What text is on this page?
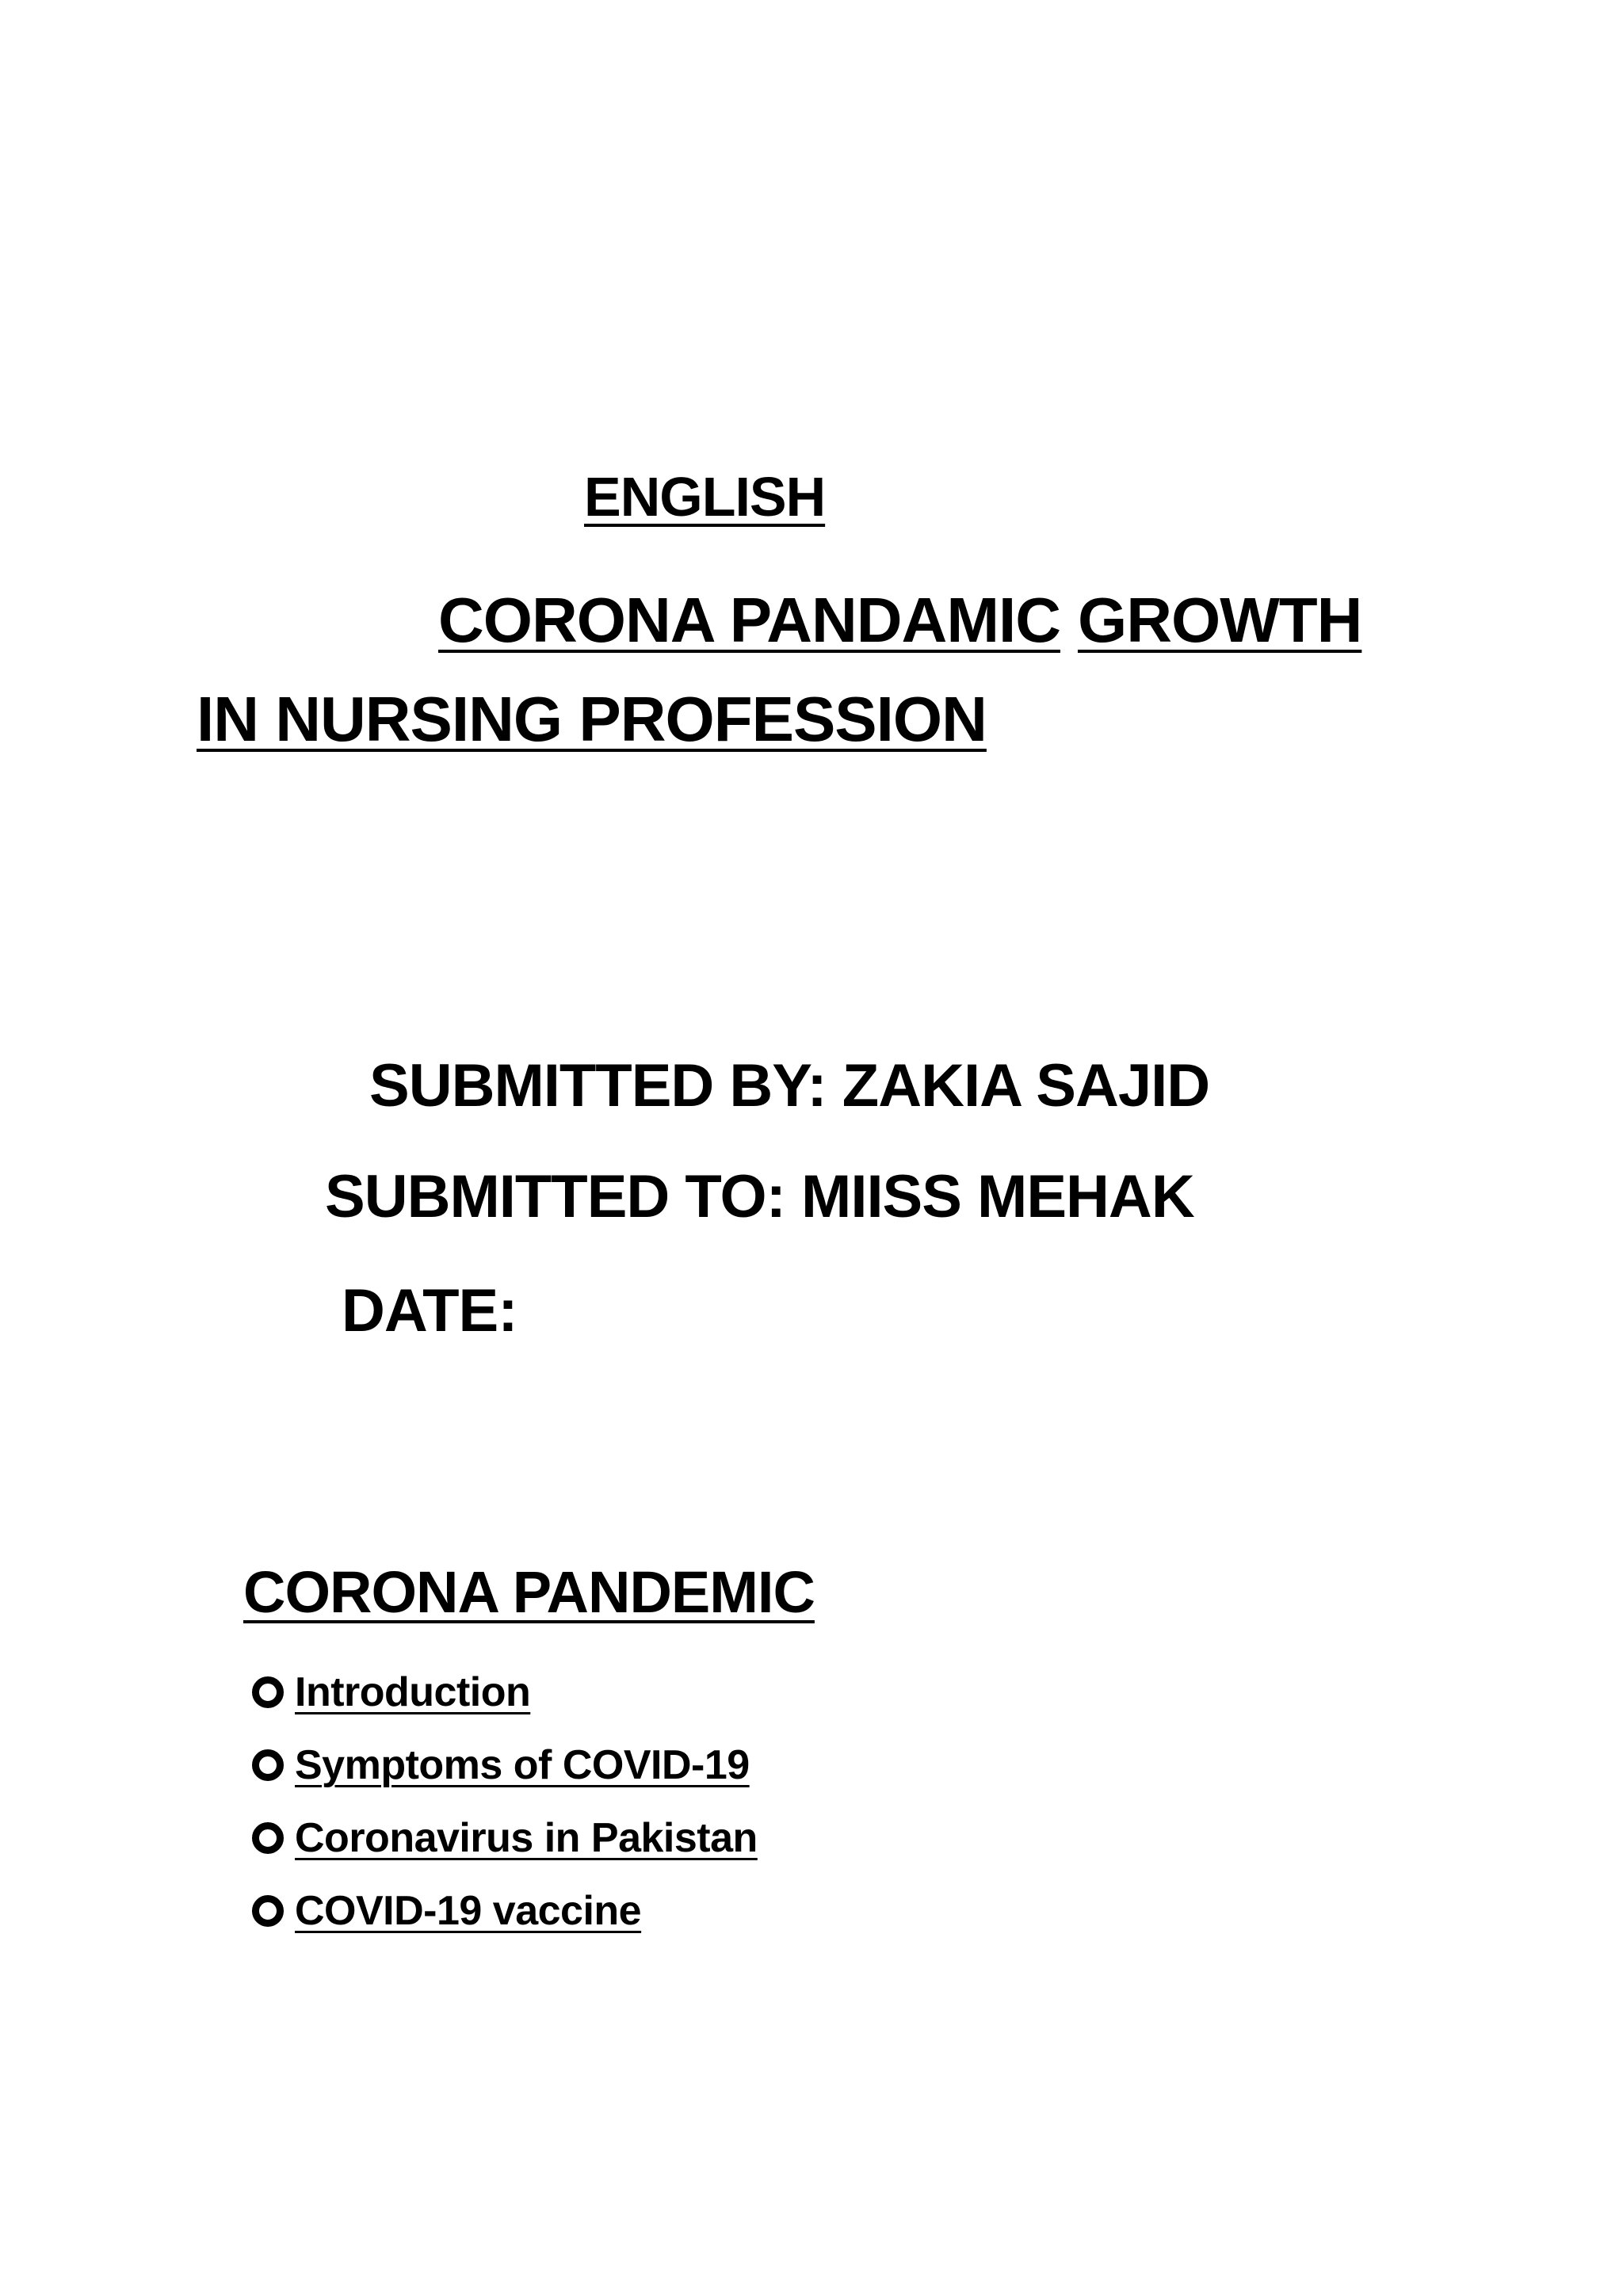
ENGLISH

CORONA PANDAMIC GROWTH

IN NURSING PROFESSION

SUBMITTED BY: ZAKIA SAJID

SUBMITTED TO: MIISS MEHAK

DATE:

CORONA PANDEMIC

Introduction
Symptoms of COVID-19
Coronavirus in Pakistan
COVID-19 vaccine
